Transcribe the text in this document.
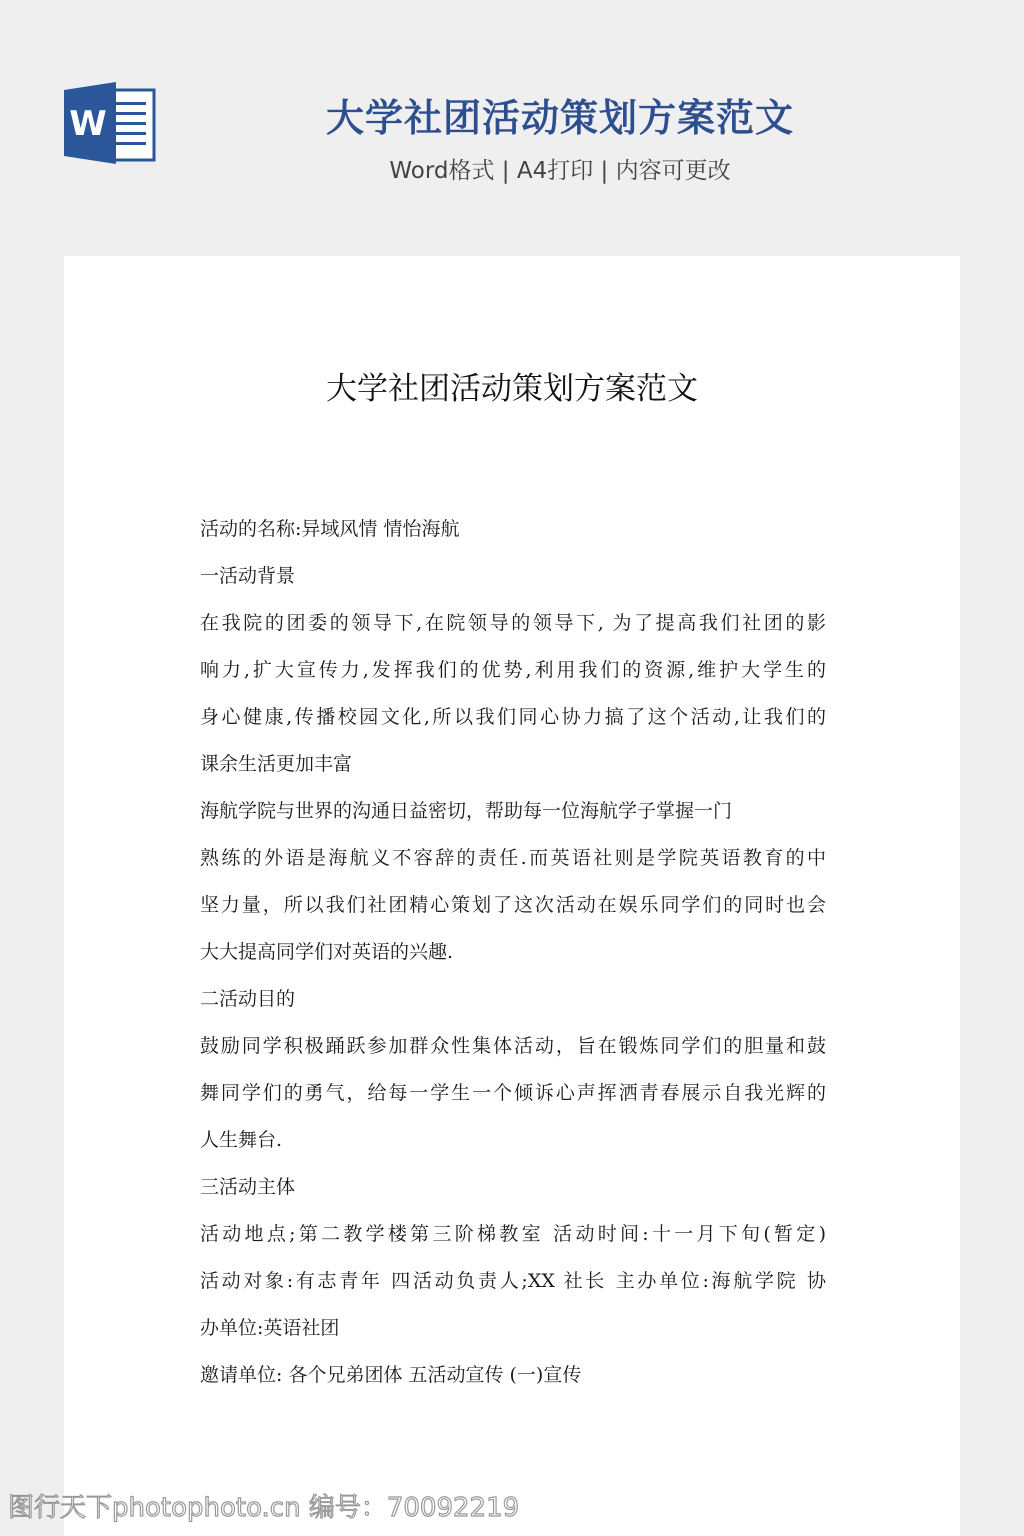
W	大学社团活动策划方案范文
Word格式 | A4打印 | 内容可更改
大学社团活动策划方案范文
活动的名称:异域风情 情怡海航
一活动背景
在我院的团委的领导下,在院领导的领导下, 为了提高我们社团的影
响力,扩大宣传力,发挥我们的优势,利用我们的资源,维护大学生的
身心健康,传播校园文化,所以我们同心协力搞了这个活动,让我们的
课余生活更加丰富
海航学院与世界的沟通日益密切，帮助每一位海航学子掌握一门
熟练的外语是海航义不容辞的责任.而英语社则是学院英语教育的中
坚力量，所以我们社团精心策划了这次活动在娱乐同学们的同时也会
大大提高同学们对英语的兴趣.
二活动目的
鼓励同学积极踊跃参加群众性集体活动，旨在锻炼同学们的胆量和鼓
舞同学们的勇气，给每一学生一个倾诉心声挥洒青春展示自我光辉的
人生舞台.
三活动主体
活动地点;第二教学楼第三阶梯教室 活动时间:十一月下旬(暂定)
活动对象:有志青年 四活动负责人;XX 社长 主办单位:海航学院 协
办单位:英语社团
邀请单位: 各个兄弟团体 五活动宣传 (一)宣传
图行天下photophoto.cn 编号：70092219
